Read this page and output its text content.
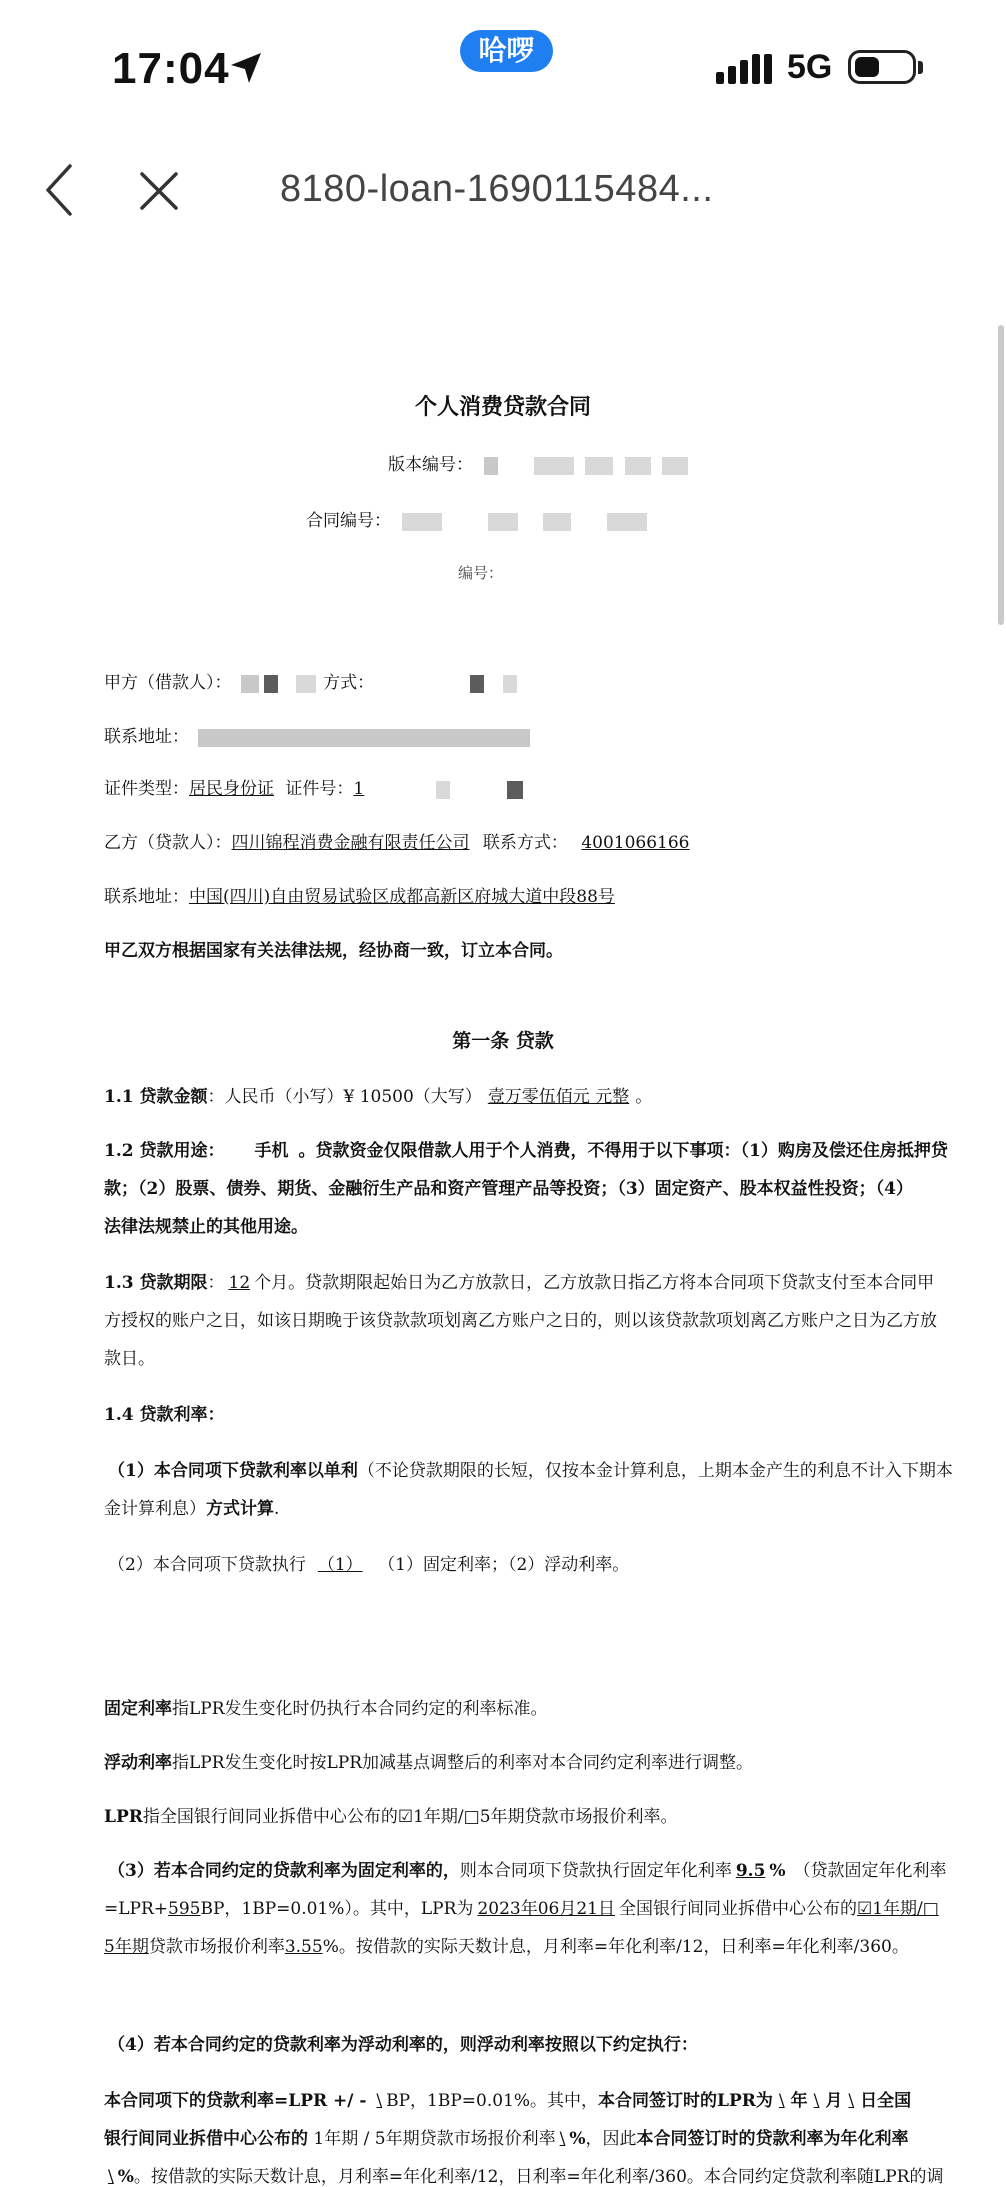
17:04	哈啰	5G
8180-loan-1690115484...
个人消费贷款合同
版本编号：
合同编号：
编号：
甲方（借款人）：	方式：
联系地址：
证件类型：居民身份证 证件号：1
乙方（贷款人）：四川锦程消费金融有限责任公司 联系方式： 4001066166
联系地址：中国(四川)自由贸易试验区成都高新区府城大道中段88号
甲乙双方根据国家有关法律法规，经协商一致，订立本合同。
第一条 贷款
1.1 贷款金额：人民币（小写）¥ 10500（大写） 壹万零伍佰元 元整 。
1.2 贷款用途： 手机 。贷款资金仅限借款人用于个人消费，不得用于以下事项：（1）购房及偿还住房抵押贷
款；（2）股票、债券、期货、金融衍生产品和资产管理产品等投资；（3）固定资产、股本权益性投资；（4）
法律法规禁止的其他用途。
1.3 贷款期限： 12 个月。贷款期限起始日为乙方放款日，乙方放款日指乙方将本合同项下贷款支付至本合同甲
方授权的账户之日，如该日期晚于该贷款款项划离乙方账户之日的，则以该贷款款项划离乙方账户之日为乙方放
款日。
1.4 贷款利率：
（1）本合同项下贷款利率以单利（不论贷款期限的长短，仅按本金计算利息，上期本金产生的利息不计入下期本
金计算利息）方式计算.
（2）本合同项下贷款执行 （1） （1）固定利率；（2）浮动利率。
固定利率指LPR发生变化时仍执行本合同约定的利率标准。
浮动利率指LPR发生变化时按LPR加减基点调整后的利率对本合同约定利率进行调整。
LPR指全国银行间同业拆借中心公布的☑1年期/□5年期贷款市场报价利率。
（3）若本合同约定的贷款利率为固定利率的，则本合同项下贷款执行固定年化利率 9.5 % （贷款固定年化利率
=LPR+595BP，1BP=0.01%）。其中，LPR为 2023年06月21日 全国银行间同业拆借中心公布的☑1年期/□
5年期贷款市场报价利率3.55%。按借款的实际天数计息，月利率=年化利率/12，日利率=年化利率/360。
（4）若本合同约定的贷款利率为浮动利率的，则浮动利率按照以下约定执行：
本合同项下的贷款利率=LPR +/ - \ BP，1BP=0.01%。其中，本合同签订时的LPR为 \ 年 \ 月 \ 日全国
银行间同业拆借中心公布的 1年期 / 5年期贷款市场报价利率 \ %，因此本合同签订时的贷款利率为年化利率
\ %。按借款的实际天数计息，月利率=年化利率/12，日利率=年化利率/360。本合同约定贷款利率随LPR的调
